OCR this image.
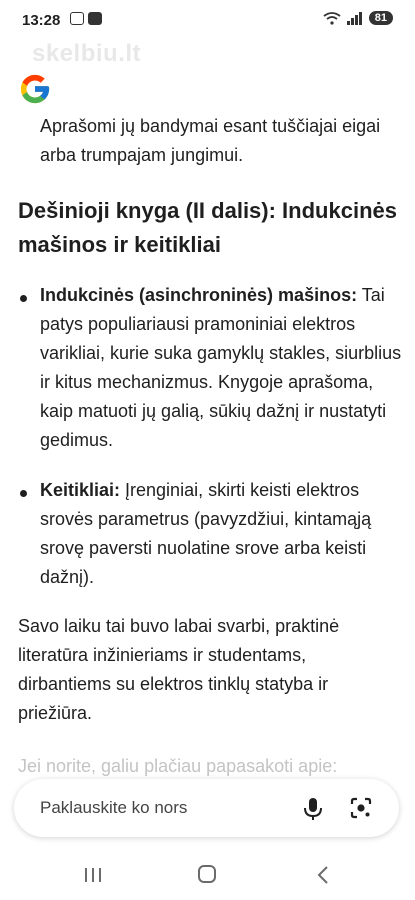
13:28	81
skelbiu.lt
Aprašomi jų bandymai esant tuščiajai eigai arba trumpajam jungimui.
Dešinioji knyga (II dalis): Indukcinės mašinos ir keitikliai
Indukcinės (asinchroninės) mašinos: Tai patys populiariausi pramoniniai elektros varikliai, kurie suka gamyklų stakles, siurblius ir kitus mechanizmus. Knygoje aprašoma, kaip matuoti jų galią, sūkių dažnį ir nustatyti gedimus.
Keitikliai: Įrenginiai, skirti keisti elektros srovės parametrus (pavyzdžiui, kintamąją srovę paversti nuolatine srove arba keisti dažnį).
Savo laiku tai buvo labai svarbi, praktinė literatūra inžinieriams ir studentams, dirbantiems su elektros tinklų statyba ir priežiūra.
Jei norite, galiu plačiau papasakoti apie:
Paklauskite ko nors
